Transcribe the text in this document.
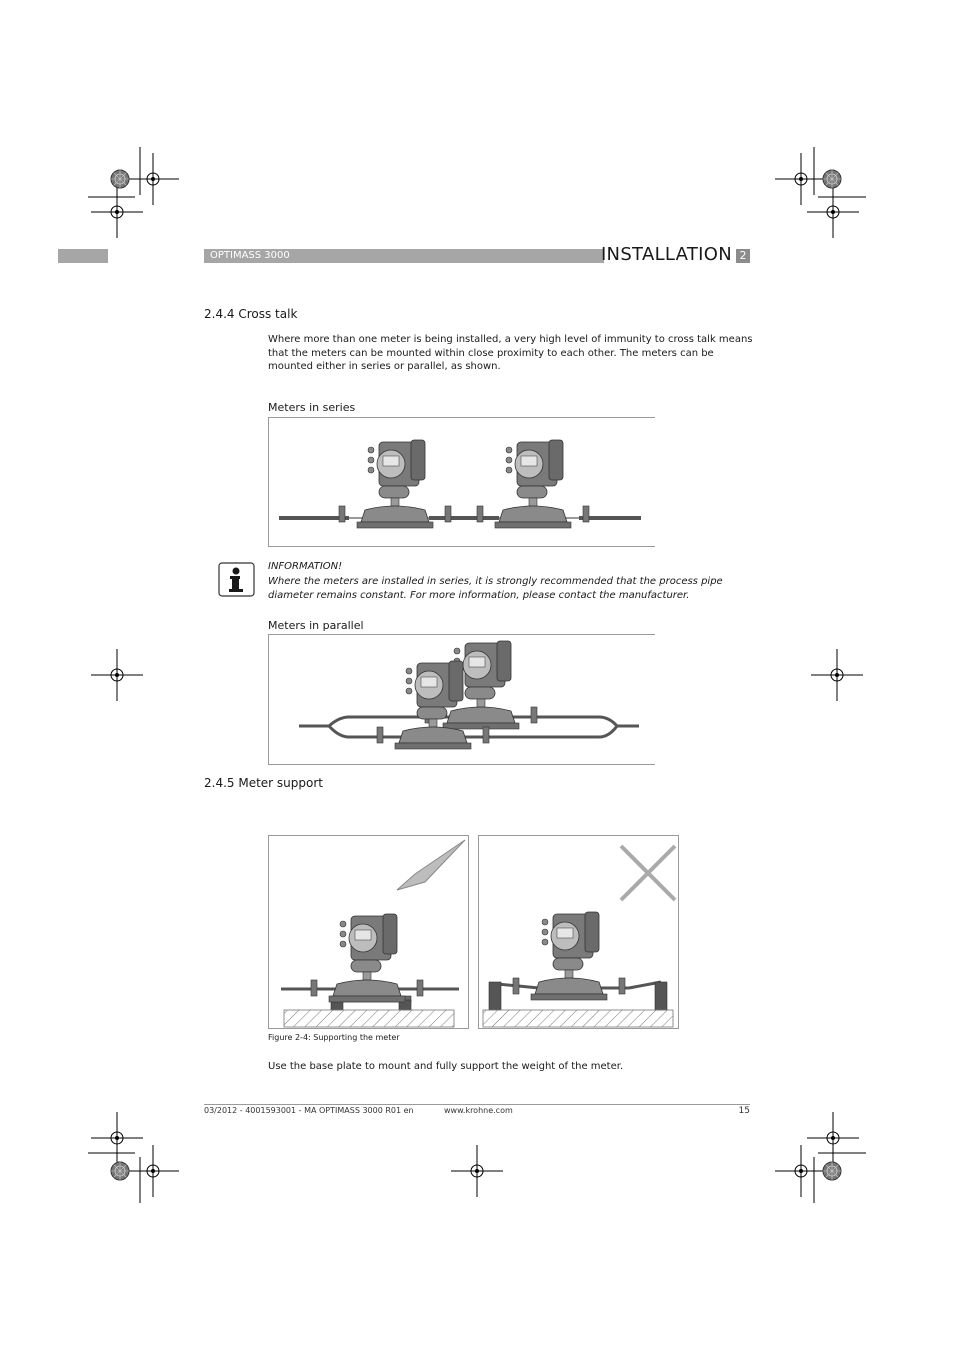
OPTIMASS 3000	INSTALLATION 2
2.4.4 Cross talk
Where more than one meter is being installed, a very high level of immunity to cross talk means
that the meters can be mounted within close proximity to each other. The meters can be
mounted either in series or parallel, as shown.
Meters in series
INFORMATION!
Where the meters are installed in series, it is strongly recommended that the process pipe
diameter remains constant. For more information, please contact the manufacturer.
Meters in parallel
2.4.5 Meter support
Figure 2-4: Supporting the meter
Use the base plate to mount and fully support the weight of the meter.
03/2012 - 4001593001 - MA OPTIMASS 3000 R01 en	www.krohne.com	15
